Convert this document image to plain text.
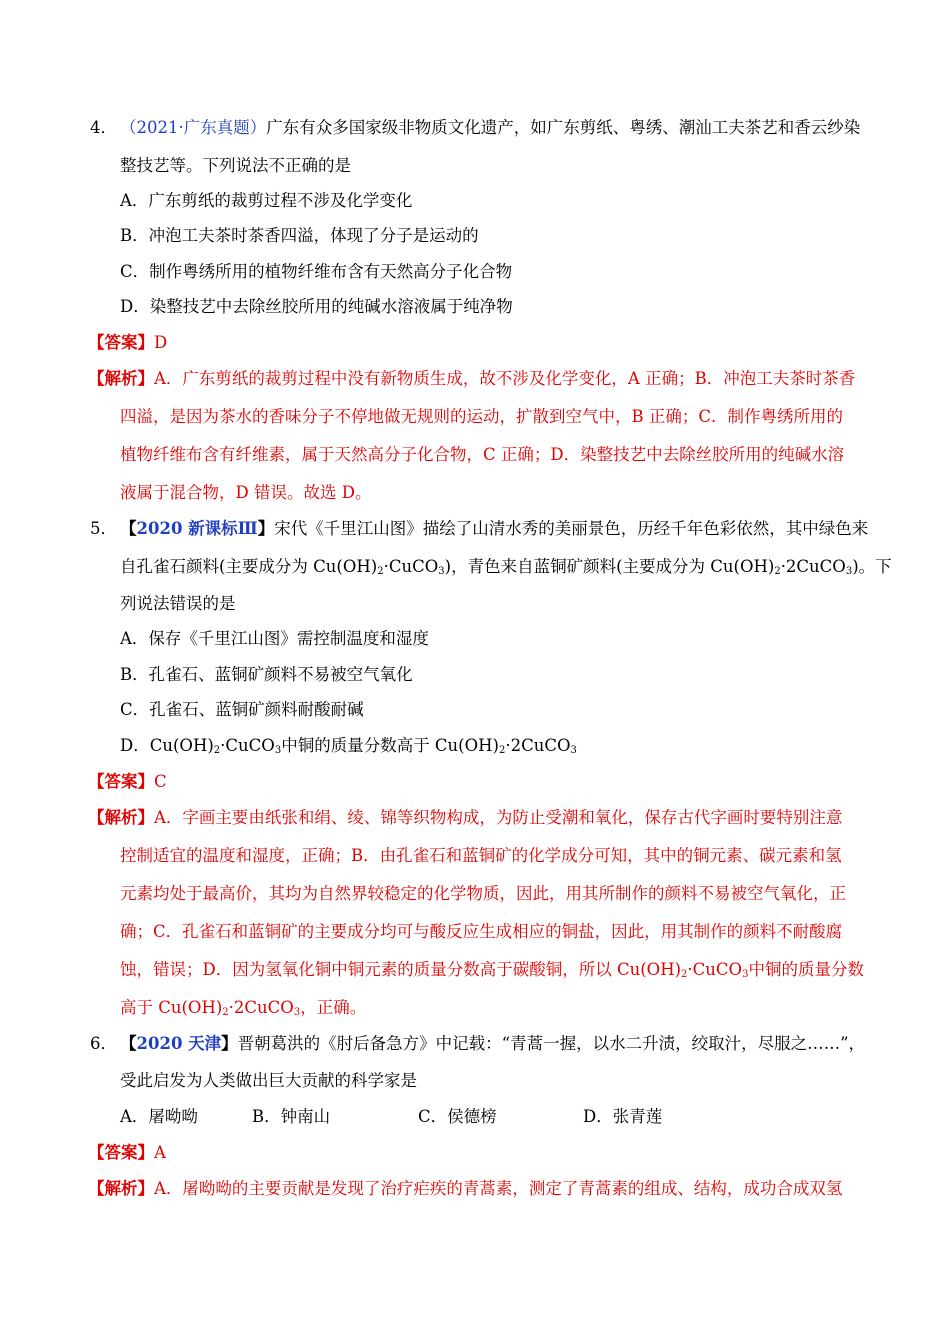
4． （2021·广东真题）广东有众多国家级非物质文化遗产，如广东剪纸、粤绣、潮汕工夫茶艺和香云纱染
整技艺等。下列说法不正确的是
A．广东剪纸的裁剪过程不涉及化学变化
B．冲泡工夫茶时茶香四溢，体现了分子是运动的
C．制作粤绣所用的植物纤维布含有天然高分子化合物
D．染整技艺中去除丝胶所用的纯碱水溶液属于纯净物
【答案】D
【解析】A．广东剪纸的裁剪过程中没有新物质生成，故不涉及化学变化，A 正确；B．冲泡工夫茶时茶香
四溢，是因为茶水的香味分子不停地做无规则的运动，扩散到空气中，B 正确；C．制作粤绣所用的
植物纤维布含有纤维素，属于天然高分子化合物，C 正确；D．染整技艺中去除丝胶所用的纯碱水溶
液属于混合物，D 错误。故选 D。
5． 【2020 新课标Ⅲ】宋代《千里江山图》描绘了山清水秀的美丽景色，历经千年色彩依然，其中绿色来
自孔雀石颜料(主要成分为 $Cu(OH)_2\cdot CuCO_3$)，青色来自蓝铜矿颜料(主要成分为 $Cu(OH)_2\cdot 2CuCO_3$)。下
列说法错误的是
A．保存《千里江山图》需控制温度和湿度
B．孔雀石、蓝铜矿颜料不易被空气氧化
C．孔雀石、蓝铜矿颜料耐酸耐碱
D．$Cu(OH)_2\cdot CuCO_3$中铜的质量分数高于 $Cu(OH)_2\cdot 2CuCO_3$
【答案】C
【解析】A．字画主要由纸张和绢、绫、锦等织物构成，为防止受潮和氧化，保存古代字画时要特别注意
控制适宜的温度和湿度，正确；B．由孔雀石和蓝铜矿的化学成分可知，其中的铜元素、碳元素和氢
元素均处于最高价，其均为自然界较稳定的化学物质，因此，用其所制作的颜料不易被空气氧化，正
确；C．孔雀石和蓝铜矿的主要成分均可与酸反应生成相应的铜盐，因此，用其制作的颜料不耐酸腐
蚀，错误；D．因为氢氧化铜中铜元素的质量分数高于碳酸铜，所以 $Cu(OH)_2\cdot CuCO_3$中铜的质量分数
高于 $Cu(OH)_2\cdot 2CuCO_3$，正确。
6． 【2020 天津】晋朝葛洪的《肘后备急方》中记载：“青蒿一握，以水二升渍，绞取汁，尽服之……”，
受此启发为人类做出巨大贡献的科学家是
A．屠呦呦	B．钟南山	C．侯德榜	D．张青莲
【答案】A
【解析】A．屠呦呦的主要贡献是发现了治疗疟疾的青蒿素，测定了青蒿素的组成、结构，成功合成双氢
